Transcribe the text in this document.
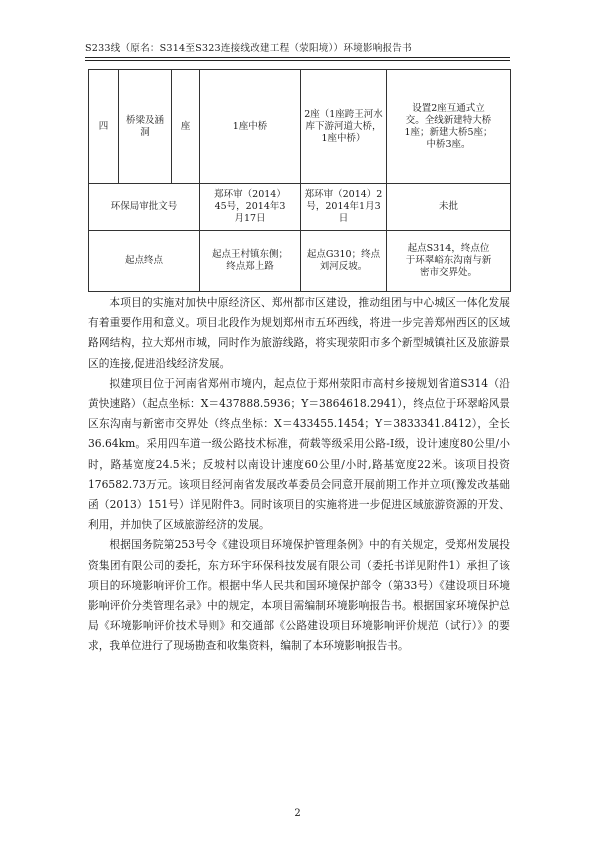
S233线（原名：S314至S323连接线改建工程（荥阳境））环境影响报告书
四	桥梁及涵洞	座	1座中桥	2座（1座跨王河水库下游河道大桥，1座中桥）	设置2座互通式立交。全线新建特大桥1座；新建大桥5座；中桥3座。
环保局审批文号			郑环审（2014）45号，2014年3月17日	郑环审（2014）2号，2014年1月3日	未批
起点终点			起点王村镇东侧；终点郑上路	起点G310；终点刘河反坡。	起点S314，终点位于环翠峪东沟南与新密市交界处。

本项目的实施对加快中原经济区、郑州都市区建设，推动组团与中心城区一体化发展有着重要作用和意义。项目北段作为规划郑州市五环西线，将进一步完善郑州西区的区域路网结构，拉大郑州市城，同时作为旅游线路，将实现荥阳市多个新型城镇社区及旅游景区的连接,促进沿线经济发展。

拟建项目位于河南省郑州市境内，起点位于郑州荥阳市高村乡接规划省道S314（沿黄快速路）（起点坐标：X＝437888.5936；Y＝3864618.2941），终点位于环翠峪风景区东沟南与新密市交界处（终点坐标：X＝433455.1454；Y＝3833341.8412），全长36.64km。采用四车道一级公路技术标准，荷载等级采用公路-Ⅰ级，设计速度80公里/小时，路基宽度24.5米；反坡村以南设计速度60公里/小时,路基宽度22米。该项目投资176582.73万元。该项目经河南省发展改革委员会同意开展前期工作并立项(豫发改基础函（2013）151号）详见附件3。同时该项目的实施将进一步促进区域旅游资源的开发、利用，并加快了区域旅游经济的发展。

根据国务院第253号令《建设项目环境保护管理条例》中的有关规定，受郑州发展投资集团有限公司的委托，东方环宇环保科技发展有限公司（委托书详见附件1）承担了该项目的环境影响评价工作。根据中华人民共和国环境保护部令（第33号）《建设项目环境影响评价分类管理名录》中的规定，本项目需编制环境影响报告书。根据国家环境保护总局《环境影响评价技术导则》和交通部《公路建设项目环境影响评价规范（试行）》的要求，我单位进行了现场勘查和收集资料，编制了本环境影响报告书。

2
